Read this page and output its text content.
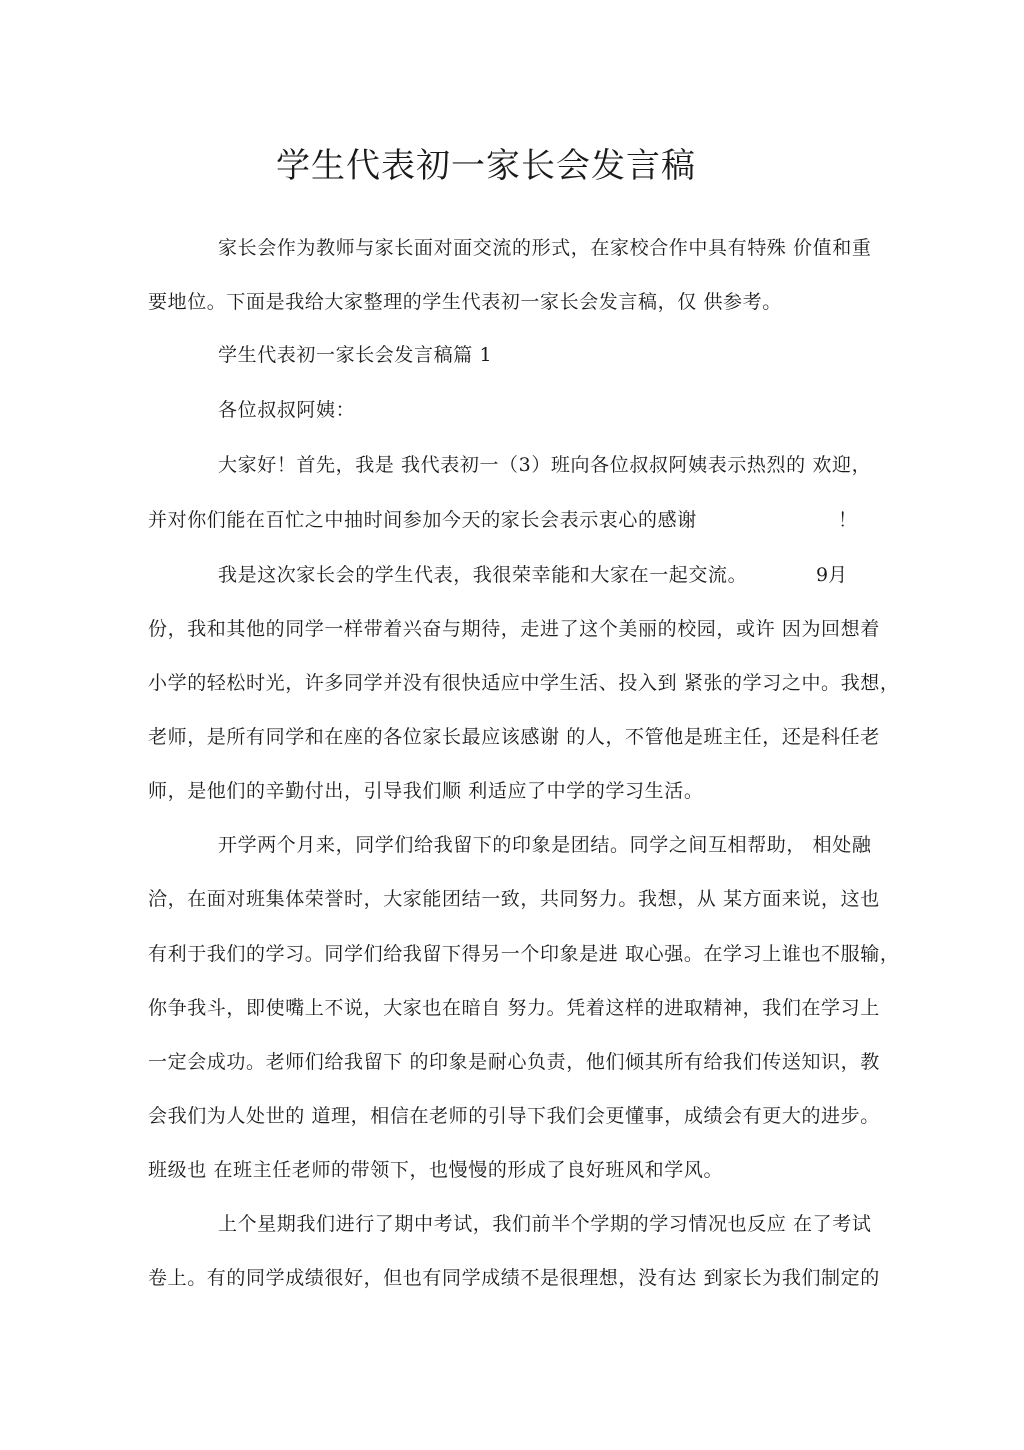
学生代表初一家长会发言稿
家长会作为教师与家长面对面交流的形式，在家校合作中具有特殊 价值和重
要地位。下面是我给大家整理的学生代表初一家长会发言稿，仅 供参考。
学生代表初一家长会发言稿篇 1
各位叔叔阿姨：
大家好！首先，我是 我代表初一（3）班向各位叔叔阿姨表示热烈的 欢迎，
并对你们能在百忙之中抽时间参加今天的家长会表示衷心的感谢	！
我是这次家长会的学生代表，我很荣幸能和大家在一起交流。	9月
份，我和其他的同学一样带着兴奋与期待，走进了这个美丽的校园，或许 因为回想着
小学的轻松时光，许多同学并没有很快适应中学生活、投入到 紧张的学习之中。我想，
老师，是所有同学和在座的各位家长最应该感谢 的人，不管他是班主任，还是科任老
师，是他们的辛勤付出，引导我们顺 利适应了中学的学习生活。
开学两个月来，同学们给我留下的印象是团结。同学之间互相帮助， 相处融
洽，在面对班集体荣誉时，大家能团结一致，共同努力。我想，从 某方面来说，这也
有利于我们的学习。同学们给我留下得另一个印象是进 取心强。在学习上谁也不服输，
你争我斗，即使嘴上不说，大家也在暗自 努力。凭着这样的进取精神，我们在学习上
一定会成功。老师们给我留下 的印象是耐心负责，他们倾其所有给我们传送知识，教
会我们为人处世的 道理，相信在老师的引导下我们会更懂事，成绩会有更大的进步。
班级也 在班主任老师的带领下，也慢慢的形成了良好班风和学风。
上个星期我们进行了期中考试，我们前半个学期的学习情况也反应 在了考试
卷上。有的同学成绩很好，但也有同学成绩不是很理想，没有达 到家长为我们制定的
